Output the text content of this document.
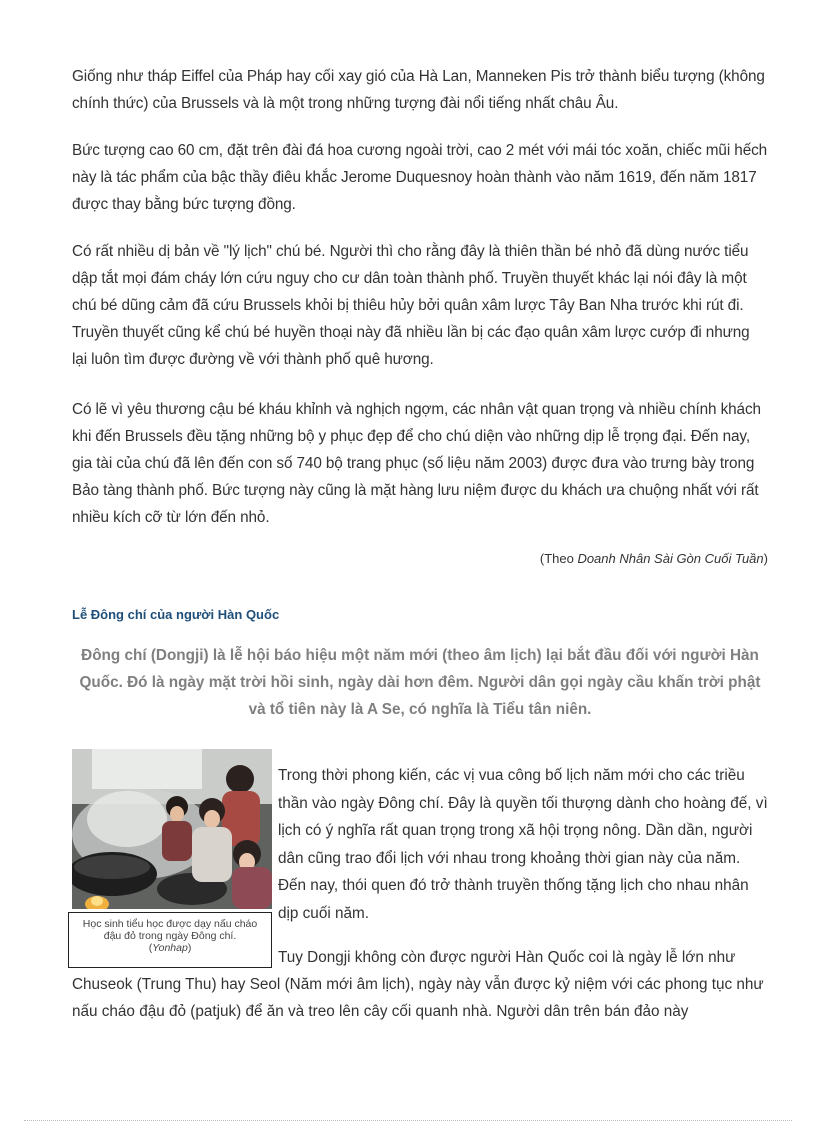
Giống như tháp Eiffel của Pháp hay cối xay gió của Hà Lan, Manneken Pis trở thành biểu tượng (không chính thức) của Brussels và là một trong những tượng đài nổi tiếng nhất châu Âu.

Bức tượng cao 60 cm, đặt trên đài đá hoa cương ngoài trời, cao 2 mét với mái tóc xoăn, chiếc mũi hếch này là tác phẩm của bậc thầy điêu khắc Jerome Duquesnoy hoàn thành vào năm 1619, đến năm 1817 được thay bằng bức tượng đồng.

Có rất nhiều dị bản về "lý lịch" chú bé. Người thì cho rằng đây là thiên thần bé nhỏ đã dùng nước tiểu dập tắt mọi đám cháy lớn cứu nguy cho cư dân toàn thành phố. Truyền thuyết khác lại nói đây là một chú bé dũng cảm đã cứu Brussels khỏi bị thiêu hủy bởi quân xâm lược Tây Ban Nha trước khi rút đi. Truyền thuyết cũng kể chú bé huyền thoại này đã nhiều lần bị các đạo quân xâm lược cướp đi nhưng lại luôn tìm được đường về với thành phố quê hương.

Có lẽ vì yêu thương cậu bé kháu khỉnh và nghịch ngợm, các nhân vật quan trọng và nhiều chính khách khi đến Brussels đều tặng những bộ y phục đẹp để cho chú diện vào những dịp lễ trọng đại. Đến nay, gia tài của chú đã lên đến con số 740 bộ trang phục (số liệu năm 2003) được đưa vào trưng bày trong Bảo tàng thành phố. Bức tượng này cũng là mặt hàng lưu niệm được du khách ưa chuộng nhất với rất nhiều kích cỡ từ lớn đến nhỏ.

(Theo Doanh Nhân Sài Gòn Cuối Tuần)
Lễ Đông chí của người Hàn Quốc

Đông chí (Dongji) là lễ hội báo hiệu một năm mới (theo âm lịch) lại bắt đầu đối với người Hàn Quốc. Đó là ngày mặt trời hồi sinh, ngày dài hơn đêm. Người dân gọi ngày cầu khấn trời phật và tổ tiên này là A Se, có nghĩa là Tiểu tân niên.

Học sinh tiểu học được dạy nấu cháo đậu đỏ trong ngày Đông chí.
(Yonhap)

Trong thời phong kiến, các vị vua công bố lịch năm mới cho các triều thần vào ngày Đông chí. Đây là quyền tối thượng dành cho hoàng đế, vì lịch có ý nghĩa rất quan trọng trong xã hội trọng nông. Dần dần, người dân cũng trao đổi lịch với nhau trong khoảng thời gian này của năm. Đến nay, thói quen đó trở thành truyền thống tặng lịch cho nhau nhân dịp cuối năm.

Tuy Dongji không còn được người Hàn Quốc coi là ngày lễ lớn như

Chuseok (Trung Thu) hay Seol (Năm mới âm lịch), ngày này vẫn được kỷ niệm với các phong tục như nấu cháo đậu đỏ (patjuk) để ăn và treo lên cây cối quanh nhà. Người dân trên bán đảo này
